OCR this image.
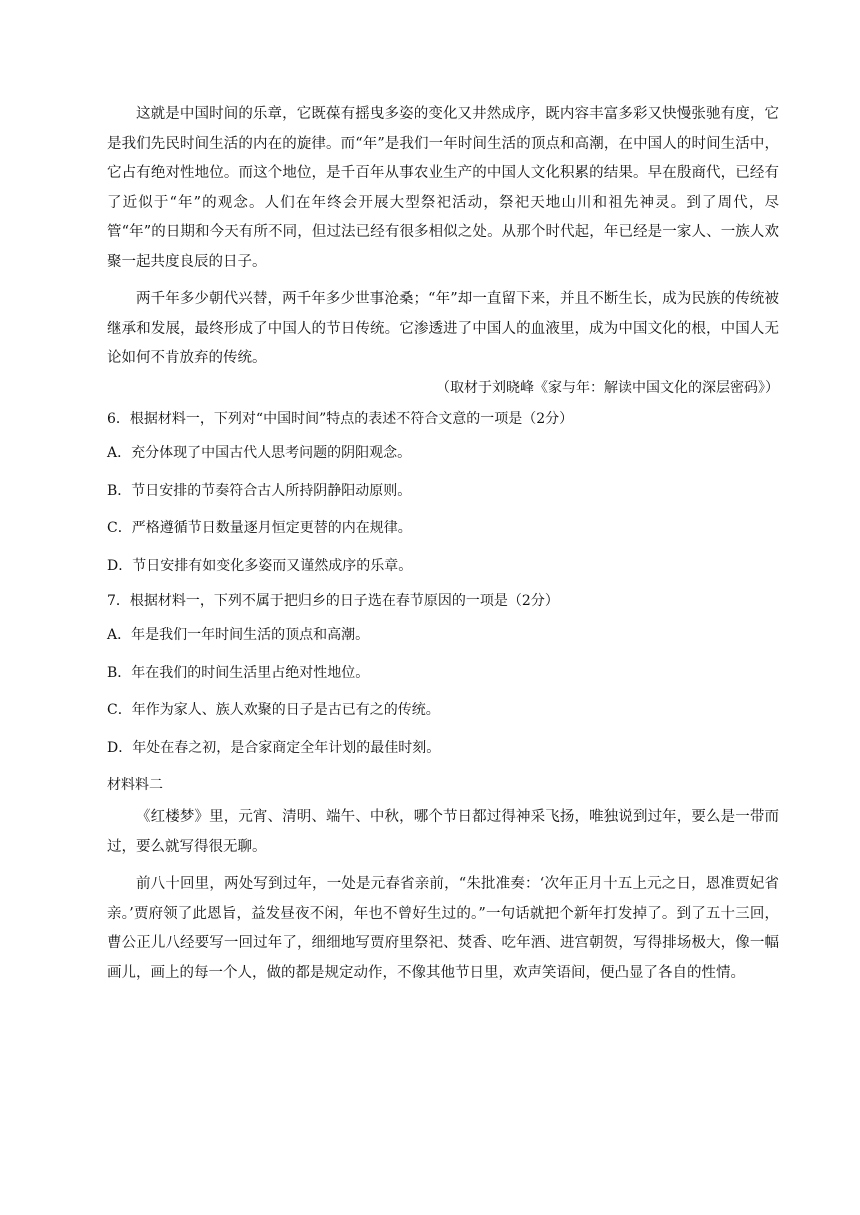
这就是中国时间的乐章，它既葆有摇曳多姿的变化又井然成序，既内容丰富多彩又快慢张驰有度，它是我们先民时间生活的内在的旋律。而“年”是我们一年时间生活的顶点和高潮，在中国人的时间生活中，它占有绝对性地位。而这个地位，是千百年从事农业生产的中国人文化积累的结果。早在殷商代，已经有了近似于“年”的观念。人们在年终会开展大型祭祀活动，祭祀天地山川和祖先神灵。到了周代，尽管“年”的日期和今天有所不同，但过法已经有很多相似之处。从那个时代起，年已经是一家人、一族人欢聚一起共度良辰的日子。

两千年多少朝代兴替，两千年多少世事沧桑；“年”却一直留下来，并且不断生长，成为民族的传统被继承和发展，最终形成了中国人的节日传统。它渗透进了中国人的血液里，成为中国文化的根，中国人无论如何不肯放弃的传统。

（取材于刘晓峰《家与年：解读中国文化的深层密码》）

6．根据材料一，下列对“中国时间”特点的表述不符合文意的一项是（2分）

A．充分体现了中国古代人思考问题的阴阳观念。

B．节日安排的节奏符合古人所持阴静阳动原则。

C．严格遵循节日数量逐月恒定更替的内在规律。

D．节日安排有如变化多姿而又谨然成序的乐章。

7．根据材料一，下列不属于把归乡的日子选在春节原因的一项是（2分）

A．年是我们一年时间生活的顶点和高潮。

B．年在我们的时间生活里占绝对性地位。

C．年作为家人、族人欢聚的日子是古已有之的传统。

D．年处在春之初，是合家商定全年计划的最佳时刻。

材料料二

《红楼梦》里，元宵、清明、端午、中秋，哪个节日都过得神采飞扬，唯独说到过年，要么是一带而过，要么就写得很无聊。

前八十回里，两处写到过年，一处是元春省亲前，“朱批准奏：‘次年正月十五上元之日，恩准贾妃省亲。’贾府领了此恩旨，益发昼夜不闲，年也不曾好生过的。”一句话就把个新年打发掉了。到了五十三回，曹公正儿八经要写一回过年了，细细地写贾府里祭祀、焚香、吃年酒、进宫朝贺，写得排场极大，像一幅画儿，画上的每一个人，做的都是规定动作，不像其他节日里，欢声笑语间，便凸显了各自的性情。
